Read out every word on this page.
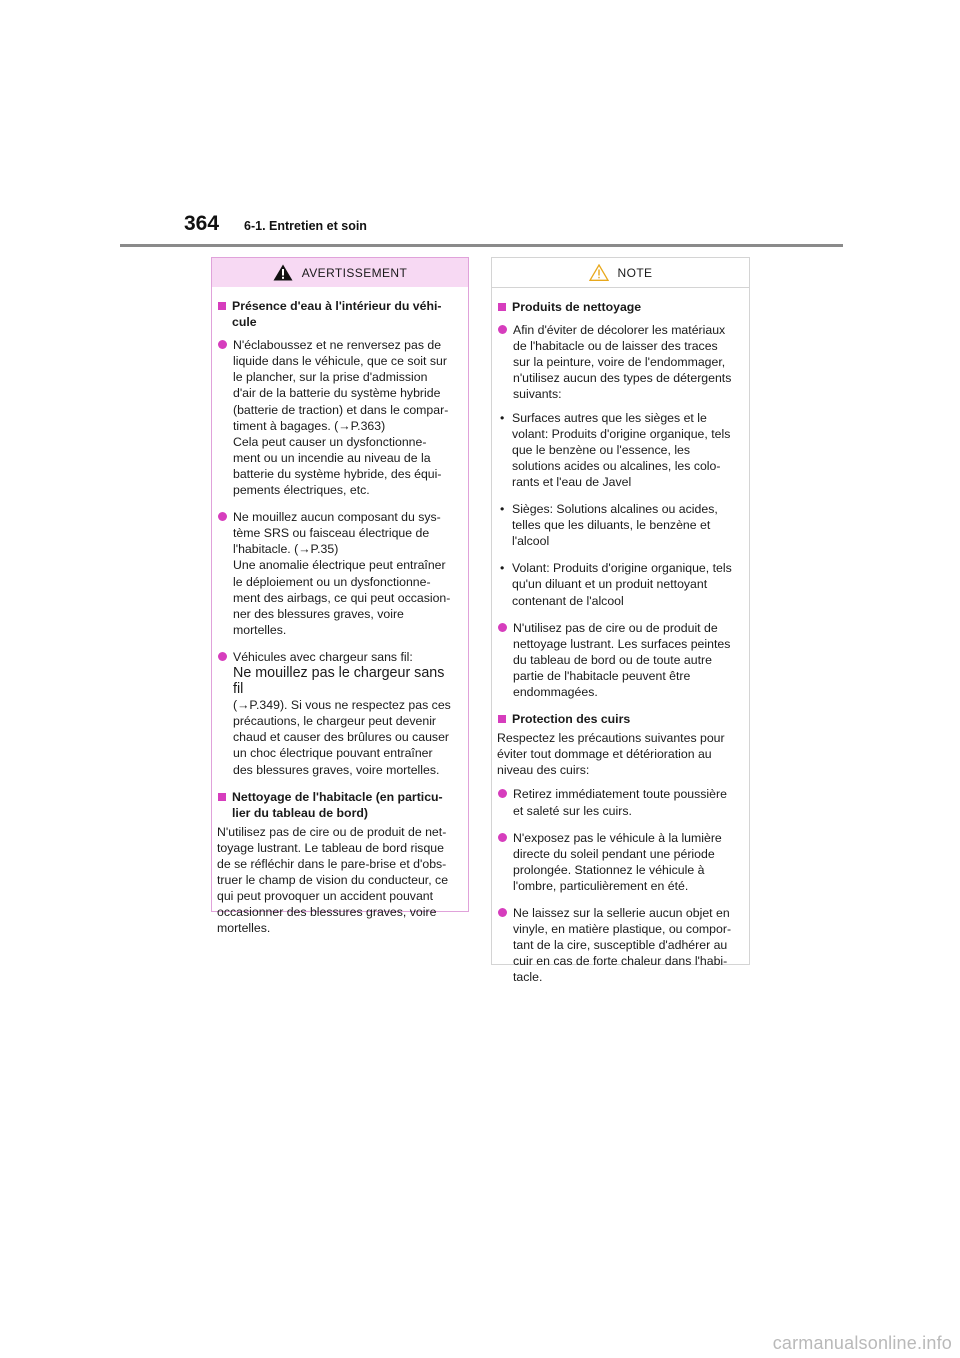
364 6-1. Entretien et soin
AVERTISSEMENT
Présence d'eau à l'intérieur du véhi-
cule
N'éclaboussez et ne renversez pas de
liquide dans le véhicule, que ce soit sur
le plancher, sur la prise d'admission
d'air de la batterie du système hybride
(batterie de traction) et dans le compar-
timent à bagages. (→P.363)
Cela peut causer un dysfonctionne-
ment ou un incendie au niveau de la
batterie du système hybride, des équi-
pements électriques, etc.
Ne mouillez aucun composant du sys-
tème SRS ou faisceau électrique de
l'habitacle. (→P.35)
Une anomalie électrique peut entraîner
le déploiement ou un dysfonctionne-
ment des airbags, ce qui peut occasion-
ner des blessures graves, voire
mortelles.
Véhicules avec chargeur sans fil:
Ne mouillez pas le chargeur sans fil
(→P.349). Si vous ne respectez pas ces
précautions, le chargeur peut devenir
chaud et causer des brûlures ou causer
un choc électrique pouvant entraîner
des blessures graves, voire mortelles.
Nettoyage de l'habitacle (en particu-
lier du tableau de bord)
N'utilisez pas de cire ou de produit de net-
toyage lustrant. Le tableau de bord risque
de se réfléchir dans le pare-brise et d'obs-
truer le champ de vision du conducteur, ce
qui peut provoquer un accident pouvant
occasionner des blessures graves, voire
mortelles.
NOTE
Produits de nettoyage
Afin d'éviter de décolorer les matériaux
de l'habitacle ou de laisser des traces
sur la peinture, voire de l'endommager,
n'utilisez aucun des types de détergents
suivants:
• Surfaces autres que les sièges et le
volant: Produits d'origine organique, tels
que le benzène ou l'essence, les
solutions acides ou alcalines, les colo-
rants et l'eau de Javel
• Sièges: Solutions alcalines ou acides,
telles que les diluants, le benzène et
l'alcool
• Volant: Produits d'origine organique, tels
qu'un diluant et un produit nettoyant
contenant de l'alcool
N'utilisez pas de cire ou de produit de
nettoyage lustrant. Les surfaces peintes
du tableau de bord ou de toute autre
partie de l'habitacle peuvent être
endommagées.
Protection des cuirs
Respectez les précautions suivantes pour
éviter tout dommage et détérioration au
niveau des cuirs:
Retirez immédiatement toute poussière
et saleté sur les cuirs.
N'exposez pas le véhicule à la lumière
directe du soleil pendant une période
prolongée. Stationnez le véhicule à
l'ombre, particulièrement en été.
Ne laissez sur la sellerie aucun objet en
vinyle, en matière plastique, ou compor-
tant de la cire, susceptible d'adhérer au
cuir en cas de forte chaleur dans l'habi-
tacle.
carmanualsonline.info
